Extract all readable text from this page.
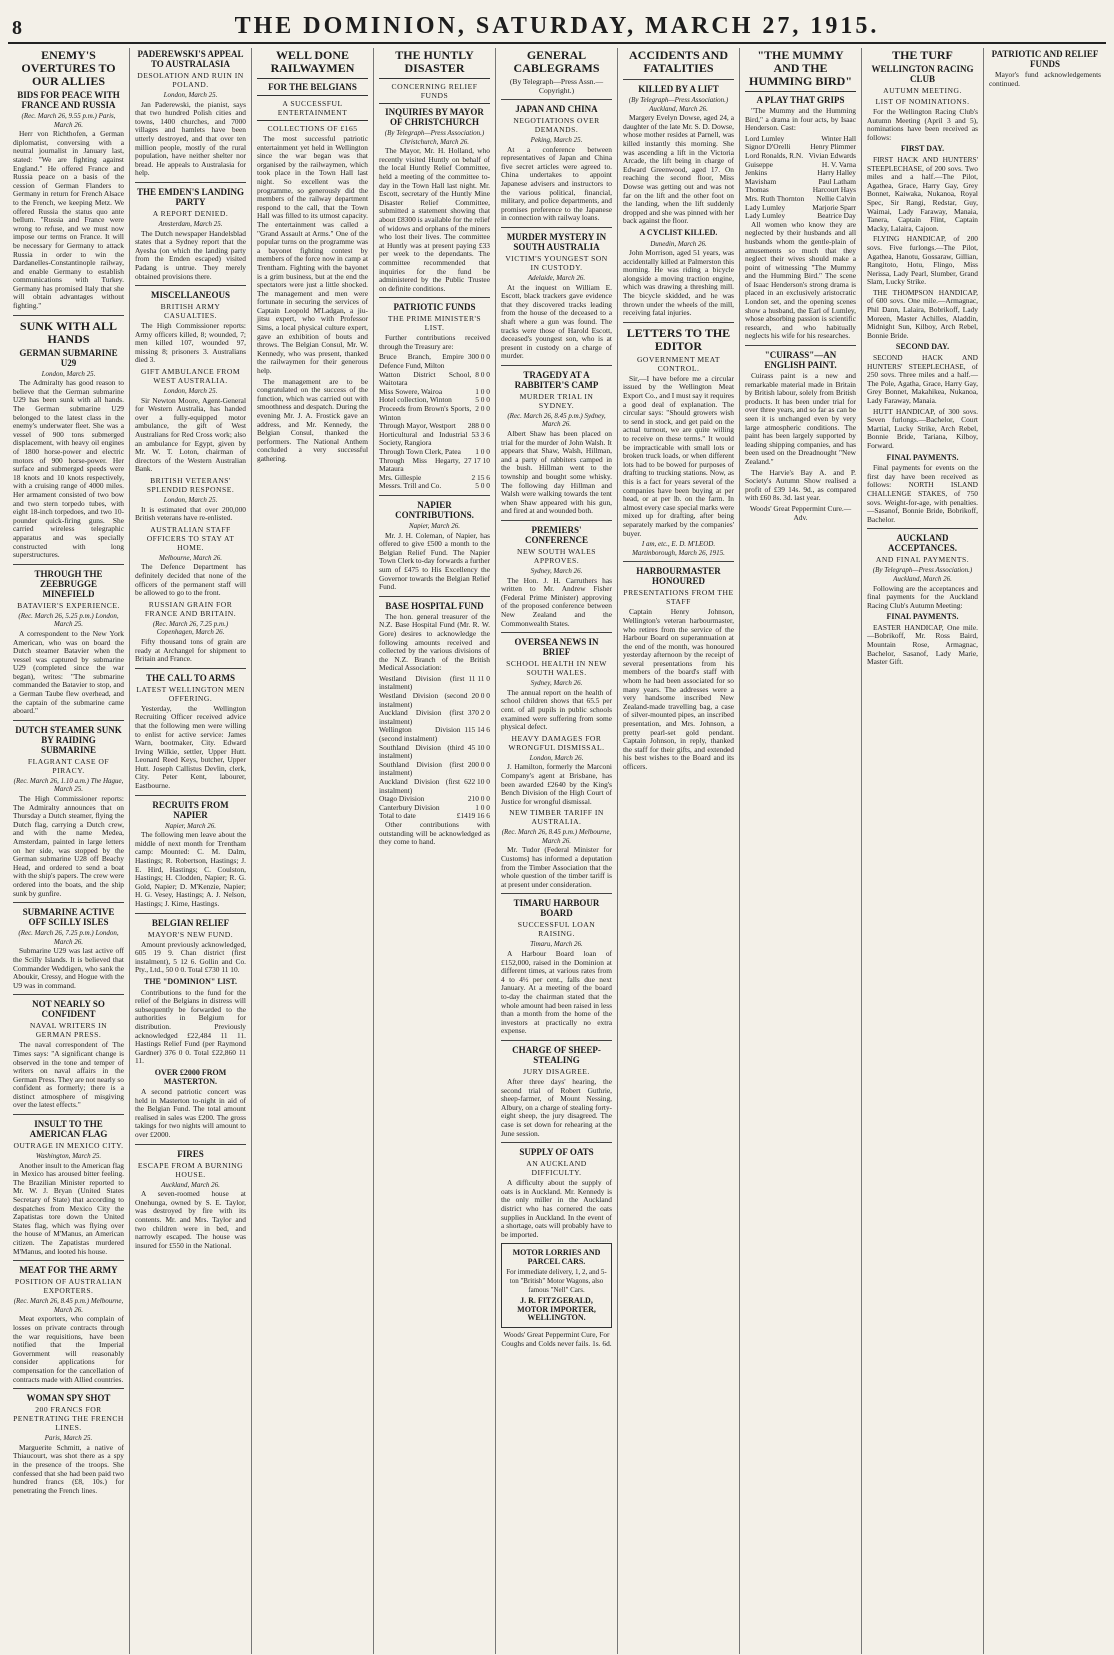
8	THE DOMINION, SATURDAY, MARCH 27, 1915.
ENEMY'S OVERTURES TO OUR ALLIES
BIDS FOR PEACE WITH FRANCE AND RUSSIA
(Rec. March 26, 9.55 p.m.) Paris, March 26.

Herr von Richthofen, a German diplomatist, conversing with a neutral journalist in January last, stated: "We are fighting against England." He offered France and Russia peace on a basis of the cession of German Flanders to Germany in return for French Alsace to the French, we keeping Metz. We offered Russia the status quo ante bellum. "Russia and France were wrong to refuse, and we must now impose our terms on France. It will be necessary for Germany to attack Russia in order to win the Dardanelles-Constantinople railway, and enable Germany to establish communications with Turkey. Germany has promised Italy that she will obtain advantages without fighting."

SUNK WITH ALL HANDS
GERMAN SUBMARINE U29
London, March 25.

The Admiralty has good reason to believe that the German submarine U29 has been sunk with all hands. The German submarine U29 belonged to the latest class in the enemy's underwater fleet. She was a vessel of 900 tons submerged displacement, with heavy oil engines of 1800 horse-power and electric motors of 900 horse-power. Her surface and submerged speeds were 18 knots and 10 knots respectively, with a cruising range of 4000 miles. Her armament consisted of two bow and two stern torpedo tubes, with eight 18-inch torpedoes, and two 10-pounder quick-firing guns. She carried wireless telegraphic apparatus and was specially constructed with long superstructures.

THROUGH THE ZEEBRUGGE MINEFIELD
BATAVIER'S EXPERIENCE.
(Rec. March 26, 5.25 p.m.) London, March 25.

A correspondent to the New York American, who was on board the Dutch steamer Batavier when the vessel was captured by submarine U29 (completed since the war began), writes: "The submarine commanded the Batavier to stop, and a German Taube flew overhead, and the captain of the submarine came aboard."

DUTCH STEAMER SUNK BY RAIDING SUBMARINE
FLAGRANT CASE OF PIRACY.
(Rec. March 26, 1.10 a.m.) The Hague, March 25.

The High Commissioner reports: The Admiralty announces that on Thursday a Dutch steamer, flying the Dutch flag, carrying a Dutch crew, and with the name Medea, Amsterdam, painted in large letters on her side, was stopped by the German submarine U28 off Beachy Head, and ordered to send a boat with the ship's papers. The crew were ordered into the boats, and the ship sunk by gunfire.

SUBMARINE ACTIVE OFF SCILLY ISLES
(Rec. March 26, 7.25 p.m.) London, March 26.

Submarine U29 was last active off the Scilly Islands. It is believed that Commander Weddigen, who sank the Aboukir, Cressy, and Hogue with the U9 was in command.

NOT NEARLY SO CONFIDENT
NAVAL WRITERS IN GERMAN PRESS.

The naval correspondent of The Times says: "A significant change is observed in the tone and temper of writers on naval affairs in the German Press. They are not nearly so confident as formerly; there is a distinct atmosphere of misgiving over the latest effects."

INSULT TO THE AMERICAN FLAG
OUTRAGE IN MEXICO CITY.
Washington, March 25.

Another insult to the American flag in Mexico has aroused bitter feeling. The Brazilian Minister reported to Mr. W. J. Bryan (United States Secretary of State) that according to despatches from Mexico City the Zapatistas tore down the United States flag, which was flying over the house of M'Manus, an American citizen. The Zapatistas murdered M'Manus, and looted his house.

MEAT FOR THE ARMY
POSITION OF AUSTRALIAN EXPORTERS.
(Rec. March 26, 8.45 p.m.) Melbourne, March 26.

Meat exporters, who complain of losses on private contracts through the war requisitions, have been notified that the Imperial Government will reasonably consider applications for compensation for the cancellation of contracts made with Allied countries.

WOMAN SPY SHOT
200 FRANCS FOR PENETRATING THE FRENCH LINES.
Paris, March 25.

Marguerite Schmitt, a native of Thiaucourt, was shot there as a spy in the presence of the troops. She confessed that she had been paid two hundred francs (£8, 10s.) for penetrating the French lines.

PADEREWSKI'S APPEAL TO AUSTRALASIA
DESOLATION AND RUIN IN POLAND.
London, March 25.

Jan Paderewski, the pianist, says that two hundred Polish cities and towns, 1400 churches, and 7000 villages and hamlets have been utterly destroyed, and that over ten million people, mostly of the rural population, have neither shelter nor bread. He appeals to Australasia for help.

THE EMDEN'S LANDING PARTY
A REPORT DENIED.
Amsterdam, March 25.

The Dutch newspaper Handelsblad states that a Sydney report that the Ayesha (on which the landing party from the Emden escaped) visited Padang is untrue. They merely obtained provisions there.

MISCELLANEOUS
BRITISH ARMY CASUALTIES.

The High Commissioner reports: Army officers killed, 8; wounded, 7; men killed 107, wounded 97, missing 8; prisoners 3. Australians died 3.

GIFT AMBULANCE FROM WEST AUSTRALIA.
London, March 25.

Sir Newton Moore, Agent-General for Western Australia, has handed over a fully-equipped motor ambulance, the gift of West Australians for Red Cross work; also an ambulance for Egypt, given by Mr. W. T. Loton, chairman of directors of the Western Australian Bank.

BRITISH VETERANS' SPLENDID RESPONSE.
London, March 25.

It is estimated that over 200,000 British veterans have re-enlisted.

AUSTRALIAN STAFF OFFICERS TO STAY AT HOME.
Melbourne, March 26.

The Defence Department has definitely decided that none of the officers of the permanent staff will be allowed to go to the front.

RUSSIAN GRAIN FOR FRANCE AND BRITAIN.
(Rec. March 26, 7.25 p.m.) Copenhagen, March 26.

Fifty thousand tons of grain are ready at Archangel for shipment to Britain and France.

THE CALL TO ARMS
LATEST WELLINGTON MEN OFFERING.

Yesterday, the Wellington Recruiting Officer received advice that the following men were willing to enlist for active service: James Warn, bootmaker, City. Edward Irving Wilkie, settler, Upper Hutt. Leonard Reed Keys, butcher, Upper Hutt. Joseph Callistus Devlin, clerk, City. Peter Kent, labourer, Eastbourne.

RECRUITS FROM NAPIER
Napier, March 26.

The following men leave about the middle of next month for Trentham camp: Mounted: C. M. Dalm, Hastings; R. Robertson, Hastings; J. E. Hird, Hastings; C. Coulston, Hastings; H. Clodden, Napier; R. G. Gold, Napier; D. M'Kenzie, Napier; H. G. Vesey, Hastings; A. J. Nelson, Hastings; J. Kime, Hastings.

BELGIAN RELIEF
MAYOR'S NEW FUND.

Amount previously acknowledged, 605 19 9. Chan district (first instalment), 5 12 6. Gollin and Co. Pty., Ltd., 50 0 0. Total £730 11 10.

THE "DOMINION" LIST.

Contributions to the fund for the relief of the Belgians in distress will subsequently be forwarded to the authorities in Belgium for distribution. Previously acknowledged £22,484 11 11. Hastings Relief Fund (per Raymond Gardner) 376 0 0. Total £22,860 11 11.

OVER £2000 FROM MASTERTON.

A second patriotic concert was held in Masterton to-night in aid of the Belgian Fund. The total amount realised in sales was £200. The gross takings for two nights will amount to over £2000.

FIRES
ESCAPE FROM A BURNING HOUSE.
Auckland, March 26.

A seven-roomed house at Onehunga, owned by S. E. Taylor, was destroyed by fire with its contents. Mr. and Mrs. Taylor and two children were in bed, and narrowly escaped. The house was insured for £550 in the National.

WELL DONE RAILWAYMEN
FOR THE BELGIANS
A SUCCESSFUL ENTERTAINMENT
COLLECTIONS OF £165

The most successful patriotic entertainment yet held in Wellington since the war began was that organised by the railwaymen, which took place in the Town Hall last night. So excellent was the programme, so generously did the members of the railway department respond to the call, that the Town Hall was filled to its utmost capacity. The entertainment was called a "Grand Assault at Arms." One of the popular turns on the programme was a bayonet fighting contest by members of the force now in camp at Trentham. Fighting with the bayonet is a grim business, but at the end the spectators were just a little shocked. The management and men were fortunate in securing the services of Captain Leopold M'Ladgan, a jiu-jitsu expert, who with Professor Sims, a local physical culture expert, gave an exhibition of bouts and throws. The Belgian Consul, Mr. W. Kennedy, who was present, thanked the railwaymen for their generous help.

The management are to be congratulated on the success of the function, which was carried out with smoothness and despatch. During the evening Mr. J. A. Frostick gave an address, and Mr. Kennedy, the Belgian Consul, thanked the performers. The National Anthem concluded a very successful gathering.

THE HUNTLY DISASTER
CONCERNING RELIEF FUNDS
INQUIRIES BY MAYOR OF CHRISTCHURCH
(By Telegraph—Press Association.) Christchurch, March 26.

The Mayor, Mr. H. Holland, who recently visited Huntly on behalf of the local Huntly Relief Committee, held a meeting of the committee to-day in the Town Hall last night. Mr. Escott, secretary of the Huntly Mine Disaster Relief Committee, submitted a statement showing that about £8300 is available for the relief of widows and orphans of the miners who lost their lives. The committee at Huntly was at present paying £33 per week to the dependants. The committee recommended that inquiries for the fund be administered by the Public Trustee on definite conditions.

PATRIOTIC FUNDS
THE PRIME MINISTER'S LIST.

Further contributions received through the Treasury are:

Bruce Branch, Empire Defence Fund, Milton
300 0 0
Watton District School, Waitotara
8 0 0
Miss Sowere, Wairoa	1 0 0
Hotel collection, Winton	5 0 0
Proceeds from Brown's Sports, Winton
2 0 0
Through Mayor, Westport	288 0 0
Horticultural and Industrial Society, Rangiora
53 3 6
Through Town Clerk, Patea	1 0 0
Through Miss Hegarty, Mataura
27 17 10
Mrs. Gillespie	2 15 6
Messrs. Trill and Co.	5 0 0
NAPIER CONTRIBUTIONS.
Napier, March 26.

Mr. J. H. Coleman, of Napier, has offered to give £500 a month to the Belgian Relief Fund. The Napier Town Clerk to-day forwards a further sum of £475 to His Excellency the Governor towards the Belgian Relief Fund.

BASE HOSPITAL FUND

The hon. general treasurer of the N.Z. Base Hospital Fund (Mr. R. W. Gore) desires to acknowledge the following amounts received and collected by the various divisions of the N.Z. Branch of the British Medical Association:

Westland Division (first instalment)
11 11 0
Westland Division (second instalment)
20 0 0
Auckland Division (first instalment)
370 2 0
Wellington Division (second instalment)
115 14 6
Southland Division (third instalment)
45 10 0
Southland Division (first instalment)
200 0 0
Auckland Division (first instalment)
622 10 0
Otago Division	210 0 0
Canterbury Division	1 0 0
Total to date	£1419 16 6

Other contributions with outstanding will be acknowledged as they come to hand.

GENERAL CABLEGRAMS
(By Telegraph—Press Assn.—Copyright.)
JAPAN AND CHINA
NEGOTIATIONS OVER DEMANDS.
Peking, March 25.

At a conference between representatives of Japan and China five secret articles were agreed to. China undertakes to appoint Japanese advisers and instructors to the various political, financial, military, and police departments, and promises preference to the Japanese in connection with railway loans.

MURDER MYSTERY IN SOUTH AUSTRALIA
VICTIM'S YOUNGEST SON IN CUSTODY.
Adelaide, March 26.

At the inquest on William E. Escott, black trackers gave evidence that they discovered tracks leading from the house of the deceased to a shaft where a gun was found. The tracks were those of Harold Escott, deceased's youngest son, who is at present in custody on a charge of murder.

TRAGEDY AT A RABBITER'S CAMP
MURDER TRIAL IN SYDNEY.
(Rec. March 26, 8.45 p.m.) Sydney, March 26.

Albert Shaw has been placed on trial for the murder of John Walsh. It appears that Shaw, Walsh, Hillman, and a party of rabbiters camped in the bush. Hillman went to the township and bought some whisky. The following day Hillman and Walsh were walking towards the tent when Shaw appeared with his gun, and fired at and wounded both.

PREMIERS' CONFERENCE
NEW SOUTH WALES APPROVES.
Sydney, March 26.

The Hon. J. H. Carruthers has written to Mr. Andrew Fisher (Federal Prime Minister) approving of the proposed conference between New Zealand and the Commonwealth States.

OVERSEA NEWS IN BRIEF
SCHOOL HEALTH IN NEW SOUTH WALES.
Sydney, March 26.

The annual report on the health of school children shows that 65.5 per cent. of all pupils in public schools examined were suffering from some physical defect.

HEAVY DAMAGES FOR WRONGFUL DISMISSAL.
London, March 26.

J. Hamilton, formerly the Marconi Company's agent at Brisbane, has been awarded £2640 by the King's Bench Division of the High Court of Justice for wrongful dismissal.

NEW TIMBER TARIFF IN AUSTRALIA.
(Rec. March 26, 8.45 p.m.) Melbourne, March 26.

Mr. Tudor (Federal Minister for Customs) has informed a deputation from the Timber Association that the whole question of the timber tariff is at present under consideration.

TIMARU HARBOUR BOARD
SUCCESSFUL LOAN RAISING.
Timaru, March 26.

A Harbour Board loan of £152,000, raised in the Dominion at different times, at various rates from 4 to 4½ per cent., falls due next January. At a meeting of the board to-day the chairman stated that the whole amount had been raised in less than a month from the home of the investors at practically no extra expense.

CHARGE OF SHEEP-STEALING
JURY DISAGREE.

After three days' hearing, the second trial of Robert Guthrie, sheep-farmer, of Mount Nessing, Albury, on a charge of stealing forty-eight sheep, the jury disagreed. The case is set down for rehearing at the June session.

SUPPLY OF OATS
AN AUCKLAND DIFFICULTY.

A difficulty about the supply of oats is in Auckland. Mr. Kennedy is the only miller in the Auckland district who has cornered the oats supplies in Auckland. In the event of a shortage, oats will probably have to be imported.

MOTOR LORRIES AND PARCEL CARS.
For immediate delivery, 1, 2, and 5-ton "British" Motor Wagons, also famous "Nell" Cars.
J. R. FITZGERALD, MOTOR IMPORTER, WELLINGTON.
Woods' Great Peppermint Cure, For Coughs and Colds never fails. 1s. 6d.
ACCIDENTS AND FATALITIES
KILLED BY A LIFT
(By Telegraph—Press Association.) Auckland, March 26.

Margery Evelyn Dowse, aged 24, a daughter of the late Mr. S. D. Dowse, whose mother resides at Parnell, was killed instantly this morning. She was ascending a lift in the Victoria Arcade, the lift being in charge of Edward Greenwood, aged 17. On reaching the second floor, Miss Dowse was getting out and was not far on the lift and the other foot on the landing, when the lift suddenly dropped and she was pinned with her back against the floor.

A CYCLIST KILLED.
Dunedin, March 26.

John Morrison, aged 51 years, was accidentally killed at Palmerston this morning. He was riding a bicycle alongside a moving traction engine, which was drawing a threshing mill. The bicycle skidded, and he was thrown under the wheels of the mill, receiving fatal injuries.

LETTERS TO THE EDITOR
GOVERNMENT MEAT CONTROL.

Sir,—I have before me a circular issued by the Wellington Meat Export Co., and I must say it requires a good deal of explanation. The circular says: "Should growers wish to send in stock, and get paid on the actual turnout, we are quite willing to receive on these terms." It would be impracticable with small lots or broken truck loads, or when different lots had to be bowed for purposes of drafting to trucking stations. Now, as this is a fact for years several of the companies have been buying at per head, or at per lb. on the farm. In almost every case special marks were mixed up for drafting, after being separately marked by the companies' buyer.

I am, etc., E. D. M'LEOD. Martinborough, March 26, 1915.
HARBOURMASTER HONOURED
PRESENTATIONS FROM THE STAFF

Captain Henry Johnson, Wellington's veteran harbourmaster, who retires from the service of the Harbour Board on superannuation at the end of the month, was honoured yesterday afternoon by the receipt of several presentations from his members of the board's staff with whom he had been associated for so many years. The addresses were a very handsome inscribed New Zealand-made travelling bag, a case of silver-mounted pipes, an inscribed presentation, and Mrs. Johnson, a pretty pearl-set gold pendant. Captain Johnson, in reply, thanked the staff for their gifts, and extended his best wishes to the Board and its officers.

"THE MUMMY AND THE HUMMING BIRD"
A PLAY THAT GRIPS

"The Mummy and the Humming Bird," a drama in four acts, by Isaac Henderson. Cast:

Lord Lumley	Winter Hall
Signor D'Orelli	Henry Plimmer
Lord Ronalds, R.N. Vivian Edwards
Guiseppe	H. V. Varna
Jenkins	Harry Halley
Mavisham	Paul Latham
Thomas	Harcourt Hays
Mrs. Ruth Thornton	Nellie Calvin
Lady Lumley	Marjorie Sparr
Lady Lumley	Beatrice Day

All women who know they are neglected by their husbands and all husbands whom the gentle-plain of amusements so much that they neglect their wives should make a point of witnessing "The Mummy and the Humming Bird." The scene of Isaac Henderson's strong drama is placed in an exclusively aristocratic London set, and the opening scenes show a husband, the Earl of Lumley, whose absorbing passion is scientific research, and who habitually neglects his wife for his researches.

"CUIRASS"—AN ENGLISH PAINT.

Cuirass paint is a new and remarkable material made in Britain by British labour, solely from British products. It has been under trial for over three years, and so far as can be seen it is unchanged even by very large atmospheric conditions. The paint has been largely supported by leading shipping companies, and has been used on the Dreadnought "New Zealand."

The Harvie's Bay A. and P. Society's Autumn Show realised a profit of £39 14s. 9d., as compared with £60 8s. 3d. last year.

Woods' Great Peppermint Cure.—Adv.
THE TURF
WELLINGTON RACING CLUB
AUTUMN MEETING.
LIST OF NOMINATIONS.

For the Wellington Racing Club's Autumn Meeting (April 3 and 5), nominations have been received as follows:

FIRST DAY.

FIRST HACK AND HUNTERS' STEEPLECHASE, of 200 sovs. Two miles and a half.—The Pilot, Agathea, Grace, Harry Gay, Grey Bonnet, Kaiwaka, Nukanoa, Royal Spec, Sir Rangi, Redstar, Guy, Waimai, Lady Faraway, Manaia, Tanera, Captain Flint, Captain Macky, Lalaira, Cajoon.

FLYING HANDICAP, of 200 sovs. Five furlongs.—The Pilot, Agathea, Hanotu, Gossaraw, Gillian, Rangitoto, Hotu, Flingo, Miss Nerissa, Lady Pearl, Slumber, Grand Slam, Lucky Strike.

THE THOMPSON HANDICAP, of 600 sovs. One mile.—Armagnac, Phil Dann, Lalaira, Bobrikoff, Lady Moreen, Master Achilles, Aladdin, Midnight Sun, Kilboy, Arch Rebel, Bonnie Bride.

SECOND DAY.

SECOND HACK AND HUNTERS' STEEPLECHASE, of 250 sovs. Three miles and a half.—The Pole, Agatha, Grace, Harry Gay, Grey Bonnet, Makahikea, Nukanoa, Lady Faraway, Manaia.

HUTT HANDICAP, of 300 sovs. Seven furlongs.—Bachelor, Court Martial, Lucky Strike, Arch Rebel, Bonnie Bride, Tariana, Kilboy, Forward.

FINAL PAYMENTS.

Final payments for events on the first day have been received as follows: NORTH ISLAND CHALLENGE STAKES, of 750 sovs. Weight-for-age, with penalties.—Sasanof, Bonnie Bride, Bobrikoff, Bachelor.

AUCKLAND ACCEPTANCES.
AND FINAL PAYMENTS.
(By Telegraph—Press Association.) Auckland, March 26.

Following are the acceptances and final payments for the Auckland Racing Club's Autumn Meeting:

FINAL PAYMENTS.

EASTER HANDICAP, One mile.—Bobrikoff, Mr. Ross Baird, Mountain Rose, Armagnac, Bachelor, Sasanof, Lady Marie, Master Gift.

PATRIOTIC AND RELIEF FUNDS

Mayor's fund acknowledgements continued.
